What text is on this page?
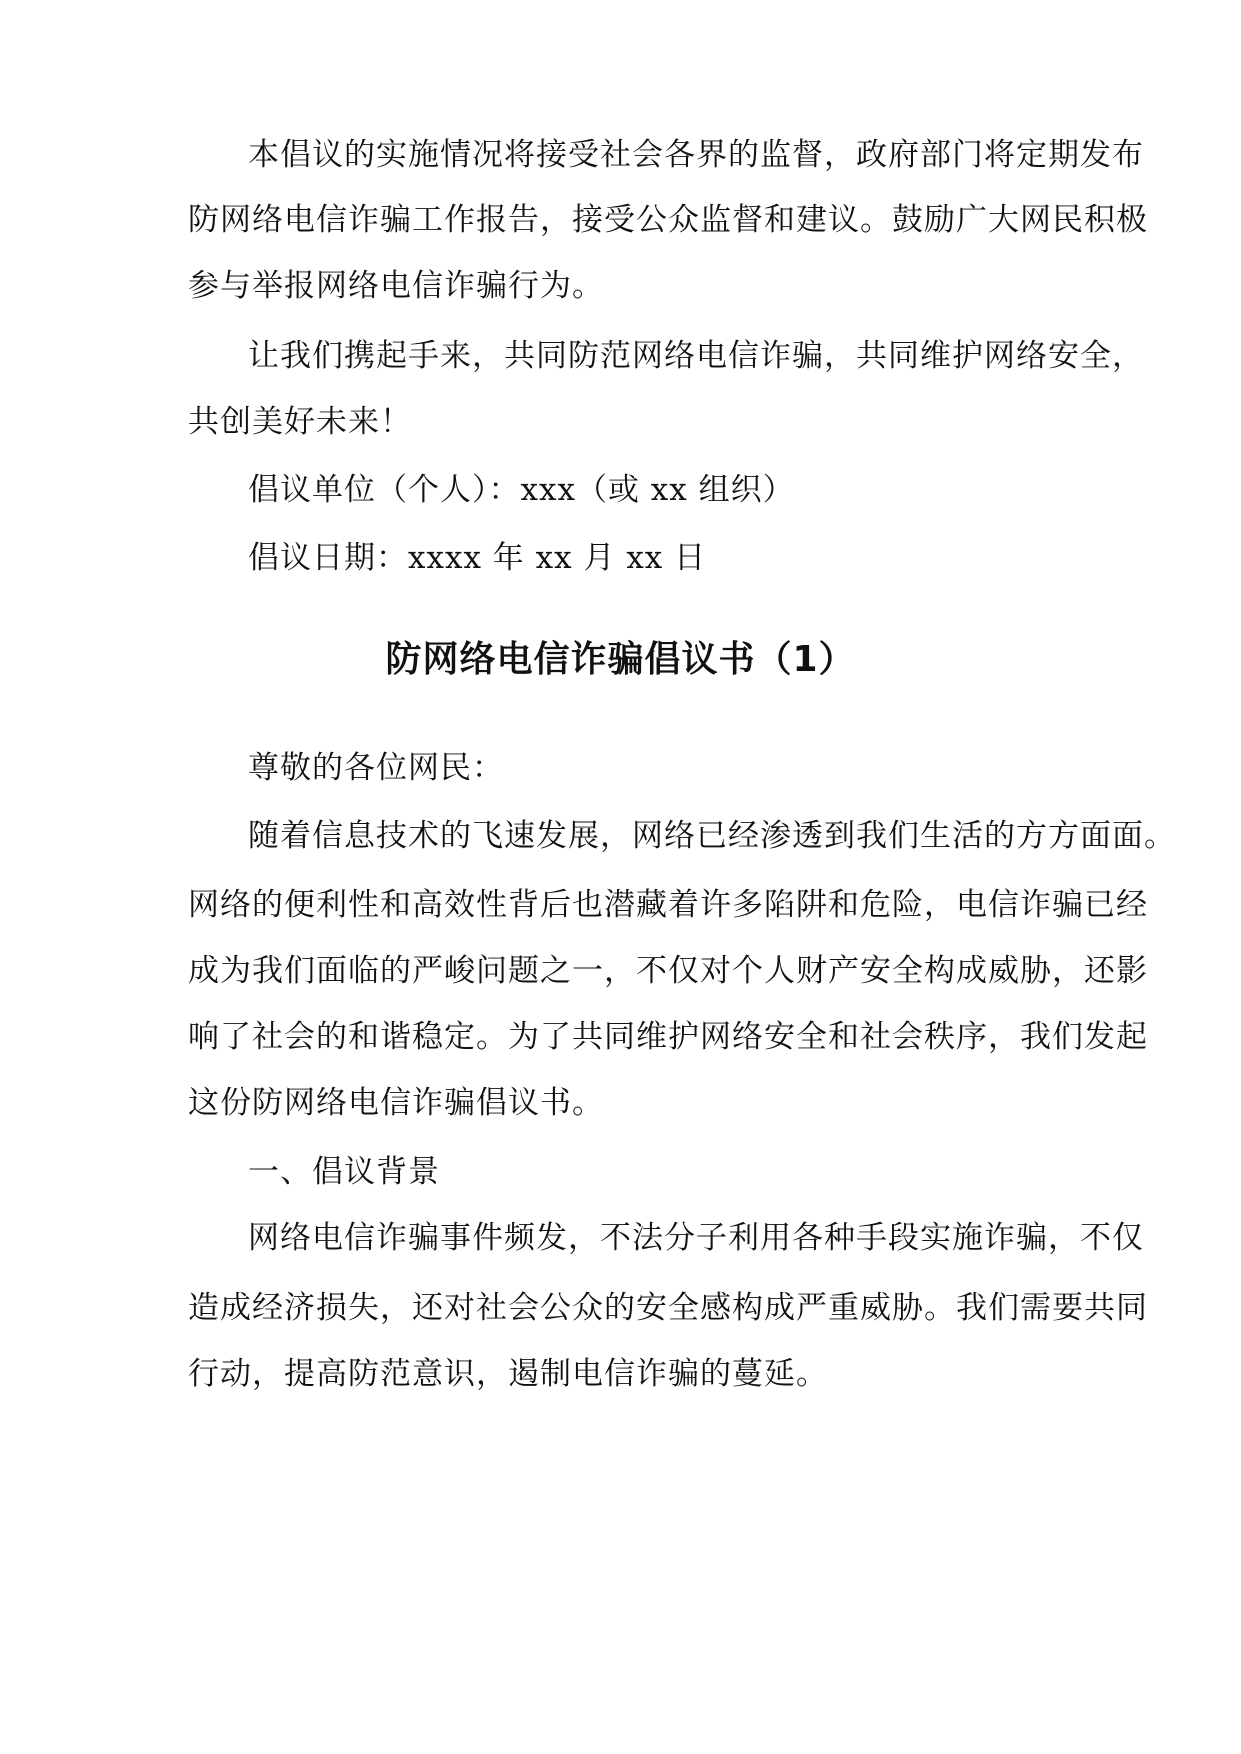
本倡议的实施情况将接受社会各界的监督，政府部门将定期发布
防网络电信诈骗工作报告，接受公众监督和建议。鼓励广大网民积极
参与举报网络电信诈骗行为。
让我们携起手来，共同防范网络电信诈骗，共同维护网络安全，
共创美好未来！
倡议单位（个人）：xxx（或 xx 组织）
倡议日期：xxxx 年 xx 月 xx 日
防网络电信诈骗倡议书（1）
尊敬的各位网民：
随着信息技术的飞速发展，网络已经渗透到我们生活的方方面面。
网络的便利性和高效性背后也潜藏着许多陷阱和危险，电信诈骗已经
成为我们面临的严峻问题之一，不仅对个人财产安全构成威胁，还影
响了社会的和谐稳定。为了共同维护网络安全和社会秩序，我们发起
这份防网络电信诈骗倡议书。
一、倡议背景
网络电信诈骗事件频发，不法分子利用各种手段实施诈骗，不仅
造成经济损失，还对社会公众的安全感构成严重威胁。我们需要共同
行动，提高防范意识，遏制电信诈骗的蔓延。
